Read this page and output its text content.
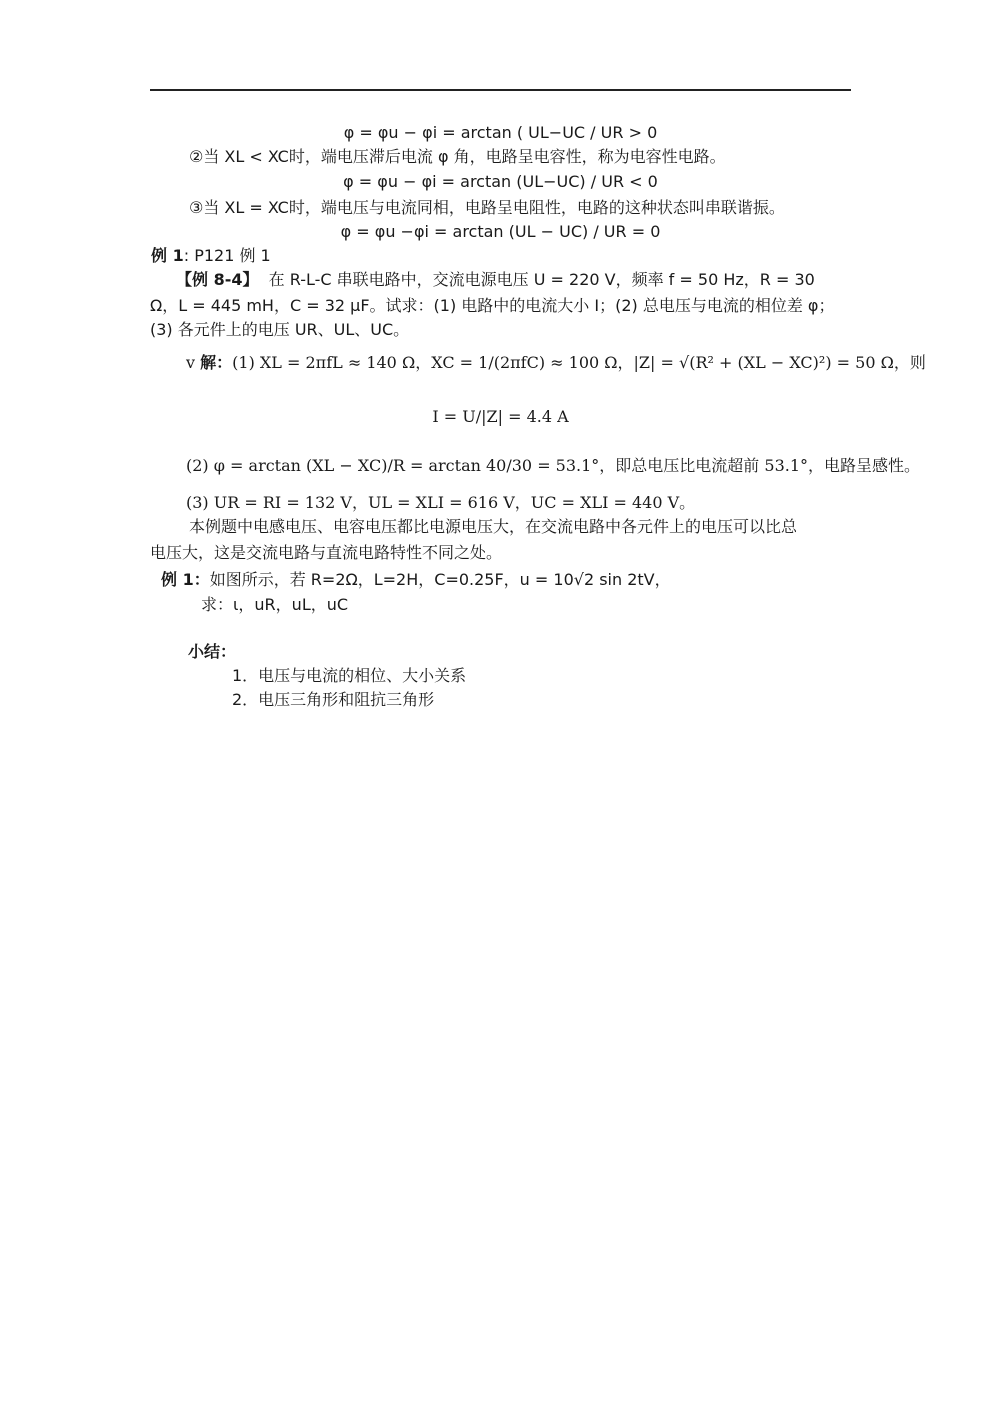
φ = φu − φi = arctan ( UL−UC / UR > 0
②当 XL < XC时，端电压滞后电流 φ 角，电路呈电容性，称为电容性电路。
φ = φu − φi = arctan (UL−UC) / UR < 0
③当 XL = XC时，端电压与电流同相，电路呈电阻性，电路的这种状态叫串联谐振。
φ = φu −φi = arctan (UL − UC) / UR = 0
例 1: P121 例 1
【例 8-4】 在 R-L-C 串联电路中，交流电源电压 U = 220 V，频率 f = 50 Hz，R = 30
Ω，L = 445 mH，C = 32 μF。试求：(1) 电路中的电流大小 I；(2) 总电压与电流的相位差 φ；
(3) 各元件上的电压 UR、UL、UC。
v 解：(1) XL = 2πfL ≈ 140 Ω，XC = 1/(2πfC) ≈ 100 Ω，|Z| = √(R² + (XL − XC)²) = 50 Ω，则
I = U/|Z| = 4.4 A
(2) φ = arctan (XL − XC)/R = arctan 40/30 = 53.1°，即总电压比电流超前 53.1°，电路呈感性。
(3) UR = RI = 132 V，UL = XLI = 616 V，UC = XLI = 440 V。
本例题中电感电压、电容电压都比电源电压大，在交流电路中各元件上的电压可以比总
电压大，这是交流电路与直流电路特性不同之处。
例 1：如图所示，若 R=2Ω，L=2H，C=0.25F，u = 10√2 sin 2tV，
求：ι，uR，uL，uC
小结：
1．电压与电流的相位、大小关系
2．电压三角形和阻抗三角形
